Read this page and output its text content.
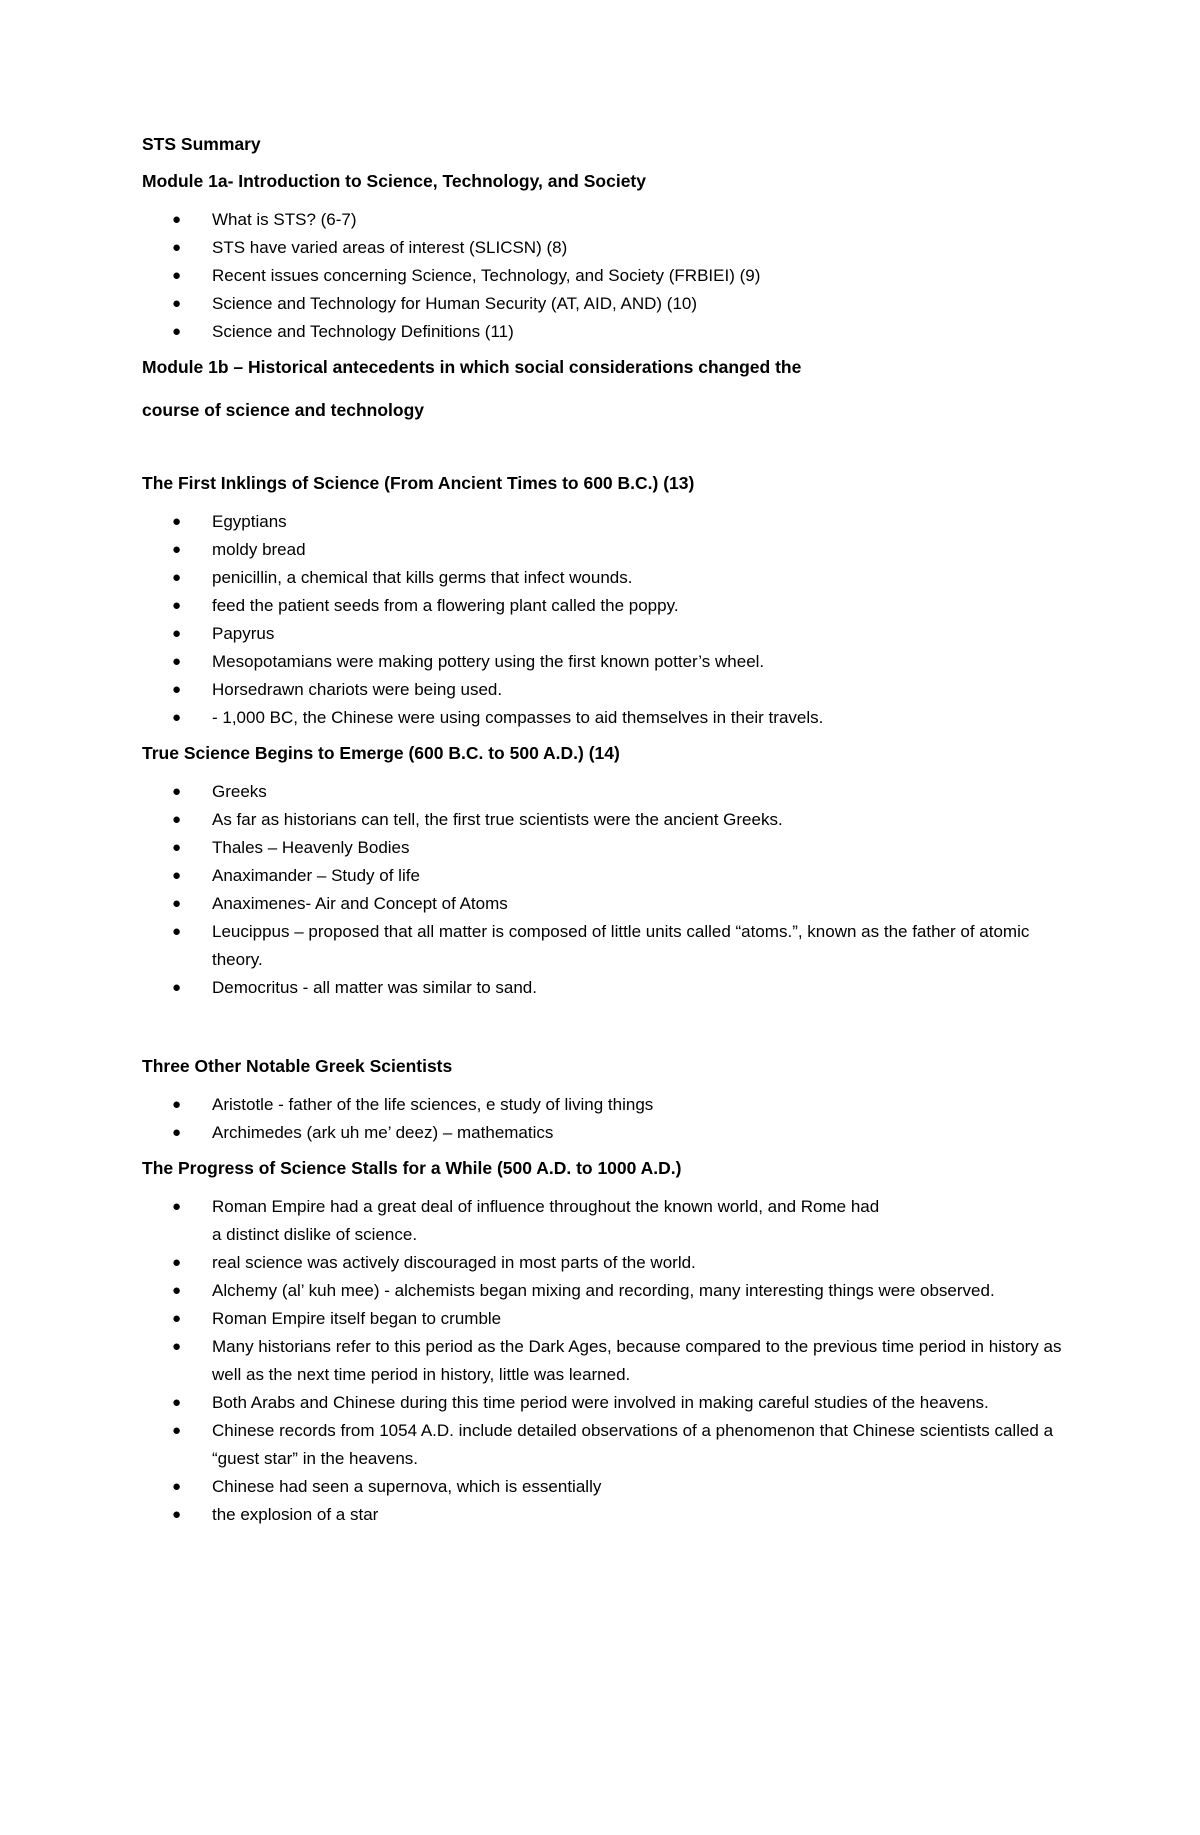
STS Summary
Module 1a- Introduction to Science, Technology, and Society
● What is STS? (6-7)
● STS have varied areas of interest (SLICSN) (8)
● Recent issues concerning Science, Technology, and Society (FRBIEI) (9)
● Science and Technology for Human Security (AT, AID, AND) (10)
● Science and Technology Definitions (11)
Module 1b – Historical antecedents in which social considerations changed the
course of science and technology
The First Inklings of Science (From Ancient Times to 600 B.C.) (13)
● Egyptians
● moldy bread
● penicillin, a chemical that kills germs that infect wounds.
● feed the patient seeds from a flowering plant called the poppy.
● Papyrus
● Mesopotamians were making pottery using the first known potter’s wheel.
● Horsedrawn chariots were being used.
● - 1,000 BC, the Chinese were using compasses to aid themselves in their travels.
True Science Begins to Emerge (600 B.C. to 500 A.D.) (14)
● Greeks
● As far as historians can tell, the first true scientists were the ancient Greeks.
● Thales – Heavenly Bodies
● Anaximander – Study of life
● Anaximenes- Air and Concept of Atoms
● Leucippus – proposed that all matter is composed of little units called “atoms.”, known as the father of atomic theory.
● Democritus - all matter was similar to sand.
Three Other Notable Greek Scientists
● Aristotle - father of the life sciences, e study of living things
● Archimedes (ark uh me’ deez) – mathematics
The Progress of Science Stalls for a While (500 A.D. to 1000 A.D.)
● Roman Empire had a great deal of influence throughout the known world, and Rome had a distinct dislike of science.
● real science was actively discouraged in most parts of the world.
● Alchemy (al’ kuh mee) - alchemists began mixing and recording, many interesting things were observed.
● Roman Empire itself began to crumble
● Many historians refer to this period as the Dark Ages, because compared to the previous time period in history as well as the next time period in history, little was learned.
● Both Arabs and Chinese during this time period were involved in making careful studies of the heavens.
● Chinese records from 1054 A.D. include detailed observations of a phenomenon that Chinese scientists called a “guest star” in the heavens.
● Chinese had seen a supernova, which is essentially
● the explosion of a star
